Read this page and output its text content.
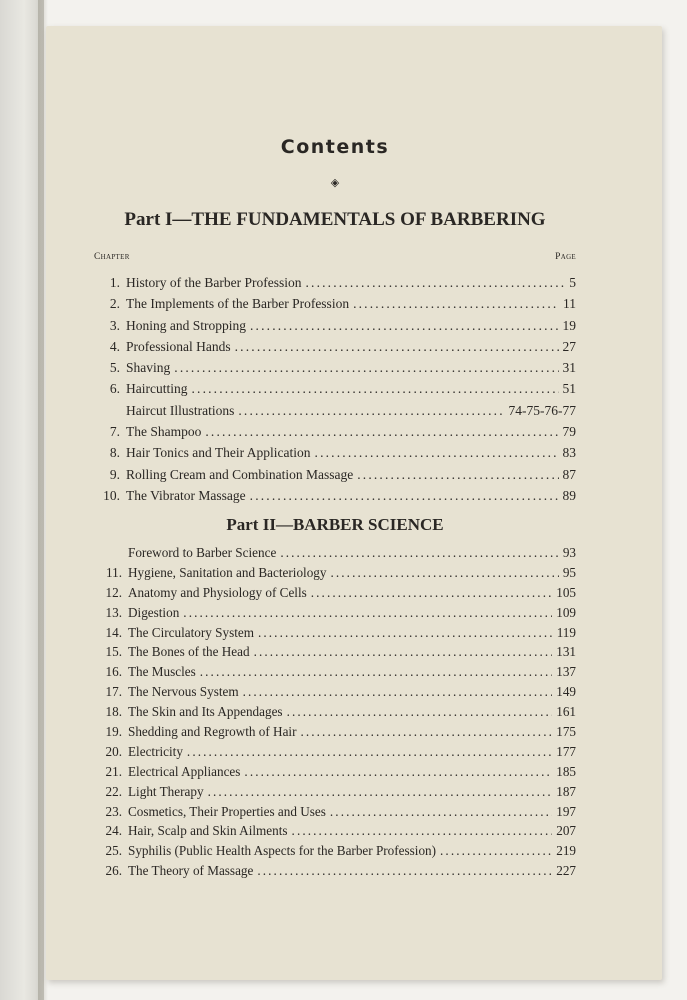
Contents
◈
Part I—THE FUNDAMENTALS OF BARBERING
Chapter	Page
1. History of the Barber Profession . . .	5
2. The Implements of the Barber Profession . . .	11
3. Honing and Stropping . . .	19
4. Professional Hands . . .	27
5. Shaving . . .	31
6. Haircutting . . .	51
Haircut Illustrations . . .	74-75-76-77
7. The Shampoo . . .	79
8. Hair Tonics and Their Application . . .	83
9. Rolling Cream and Combination Massage . . .	87
10. The Vibrator Massage . . .	89
Part II—BARBER SCIENCE
Foreword to Barber Science . . .	93
11. Hygiene, Sanitation and Bacteriology . . .	95
12. Anatomy and Physiology of Cells . . .	105
13. Digestion . . .	109
14. The Circulatory System . . .	119
15. The Bones of the Head . . .	131
16. The Muscles . . .	137
17. The Nervous System . . .	149
18. The Skin and Its Appendages . . .	161
19. Shedding and Regrowth of Hair . . .	175
20. Electricity . . .	177
21. Electrical Appliances . . .	185
22. Light Therapy . . .	187
23. Cosmetics, Their Properties and Uses . . .	197
24. Hair, Scalp and Skin Ailments . . .	207
25. Syphilis (Public Health Aspects for the Barber Profession) . . .	219
26. The Theory of Massage . . .	227
